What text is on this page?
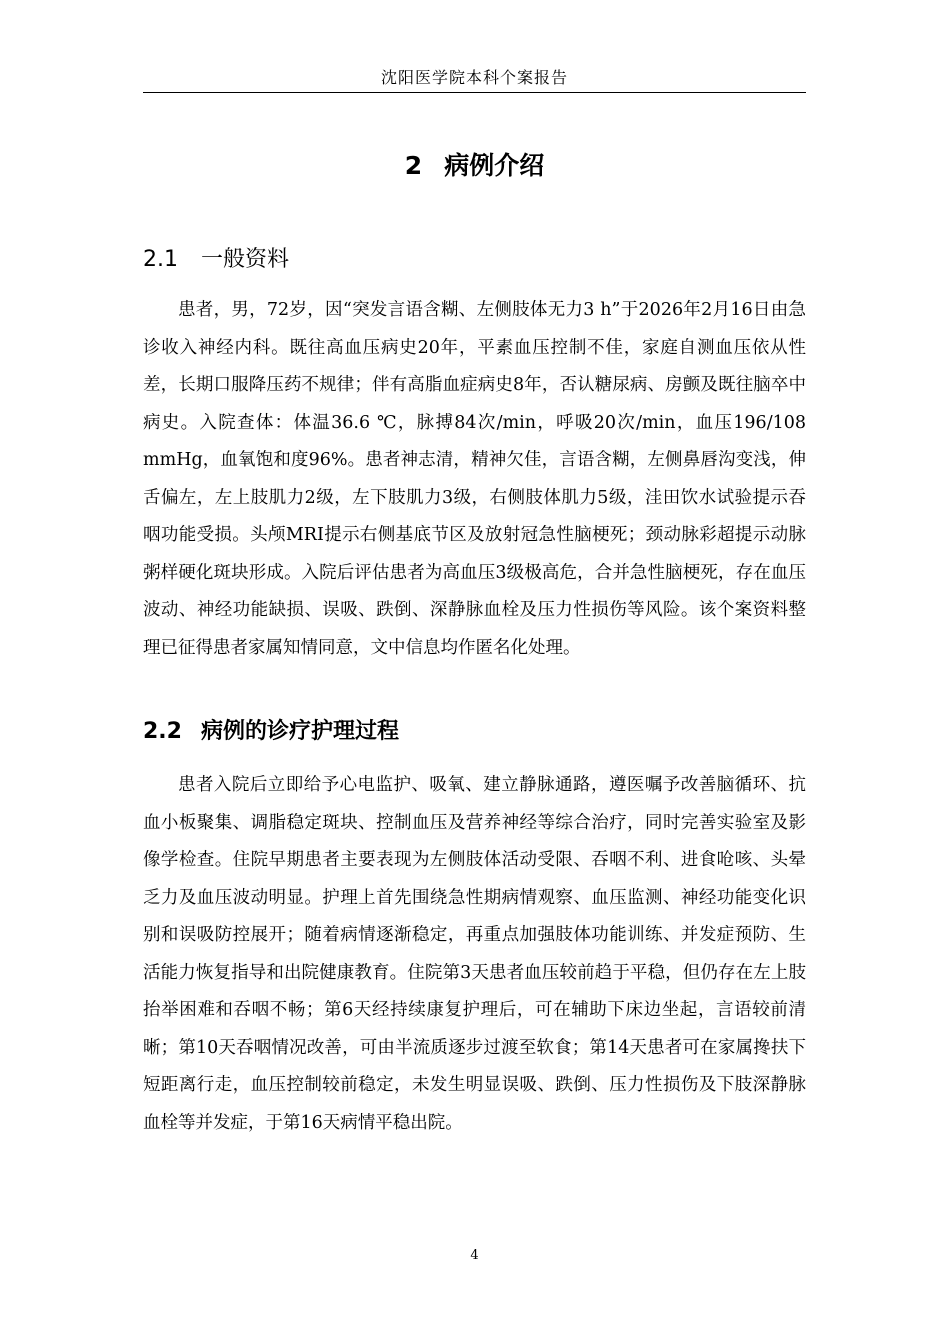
沈阳医学院本科个案报告
2 病例介绍
2.1 一般资料

患者，男，72岁，因“突发言语含糊、左侧肢体无力3 h”于2026年2月16日由急诊收入神经内科。既往高血压病史20年，平素血压控制不佳，家庭自测血压依从性差，长期口服降压药不规律；伴有高脂血症病史8年，否认糖尿病、房颤及既往脑卒中病史。入院查体：体温36.6 ℃，脉搏84次/min，呼吸20次/min，血压196/108 mmHg，血氧饱和度96%。患者神志清，精神欠佳，言语含糊，左侧鼻唇沟变浅，伸舌偏左，左上肢肌力2级，左下肢肌力3级，右侧肢体肌力5级，洼田饮水试验提示吞咽功能受损。头颅MRI提示右侧基底节区及放射冠急性脑梗死；颈动脉彩超提示动脉粥样硬化斑块形成。入院后评估患者为高血压3级极高危，合并急性脑梗死，存在血压波动、神经功能缺损、误吸、跌倒、深静脉血栓及压力性损伤等风险。该个案资料整理已征得患者家属知情同意，文中信息均作匿名化处理。

2.2 病例的诊疗护理过程

患者入院后立即给予心电监护、吸氧、建立静脉通路，遵医嘱予改善脑循环、抗血小板聚集、调脂稳定斑块、控制血压及营养神经等综合治疗，同时完善实验室及影像学检查。住院早期患者主要表现为左侧肢体活动受限、吞咽不利、进食呛咳、头晕乏力及血压波动明显。护理上首先围绕急性期病情观察、血压监测、神经功能变化识别和误吸防控展开；随着病情逐渐稳定，再重点加强肢体功能训练、并发症预防、生活能力恢复指导和出院健康教育。住院第3天患者血压较前趋于平稳，但仍存在左上肢抬举困难和吞咽不畅；第6天经持续康复护理后，可在辅助下床边坐起，言语较前清晰；第10天吞咽情况改善，可由半流质逐步过渡至软食；第14天患者可在家属搀扶下短距离行走，血压控制较前稳定，未发生明显误吸、跌倒、压力性损伤及下肢深静脉血栓等并发症，于第16天病情平稳出院。

4
